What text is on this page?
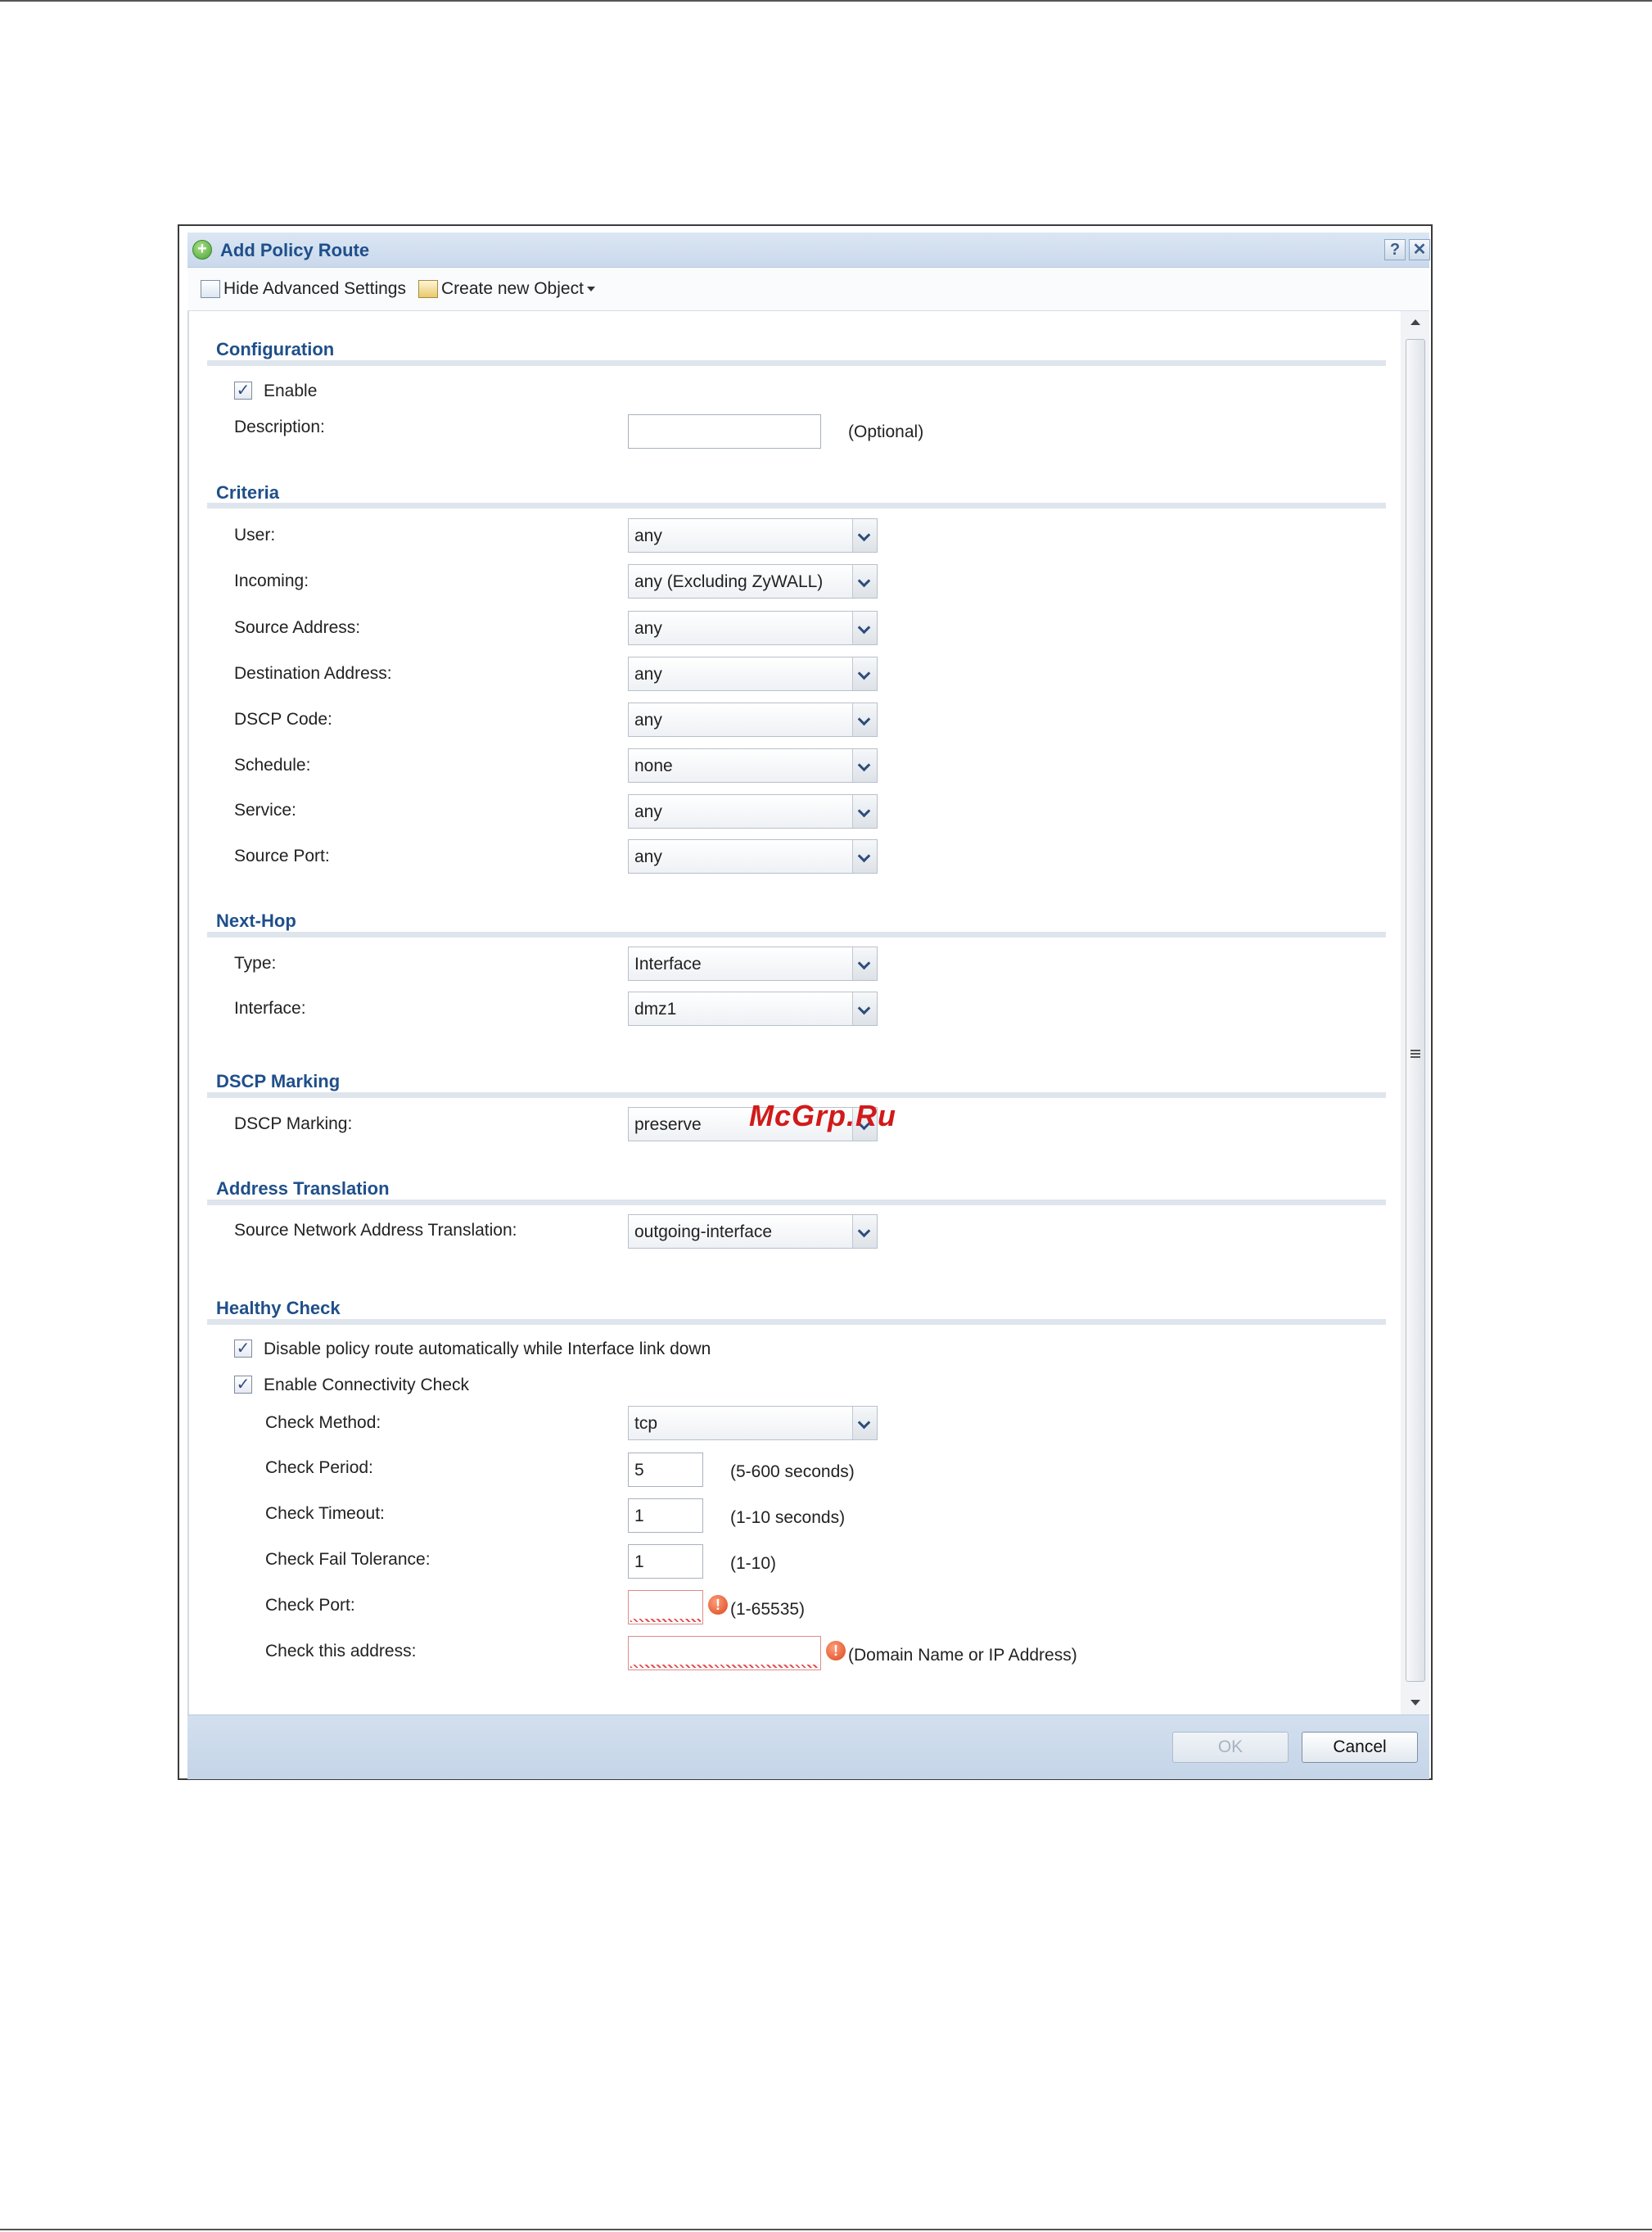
+ Add Policy Route	? ✕
Hide Advanced Settings	Create new Object
OK	Cancel
Configuration
✓ Enable
Description:	(Optional)
Criteria
User:	any
Incoming:	any (Excluding ZyWALL)
Source Address:	any
Destination Address:	any
DSCP Code:	any
Schedule:	none
Service:	any
Source Port:	any
Next-Hop
Type:	Interface
Interface:	dmz1
DSCP Marking
DSCP Marking:	preserve
Address Translation
Source Network Address Translation:	outgoing-interface
Healthy Check
✓ Disable policy route automatically while Interface link down
✓ Enable Connectivity Check
Check Method:	tcp
Check Period:	5	(5-600 seconds)
Check Timeout:	1	(1-10 seconds)
Check Fail Tolerance:	1	(1-10)
Check Port:	! (1-65535)
Check this address:	! (Domain Name or IP Address)
McGrp.Ru
